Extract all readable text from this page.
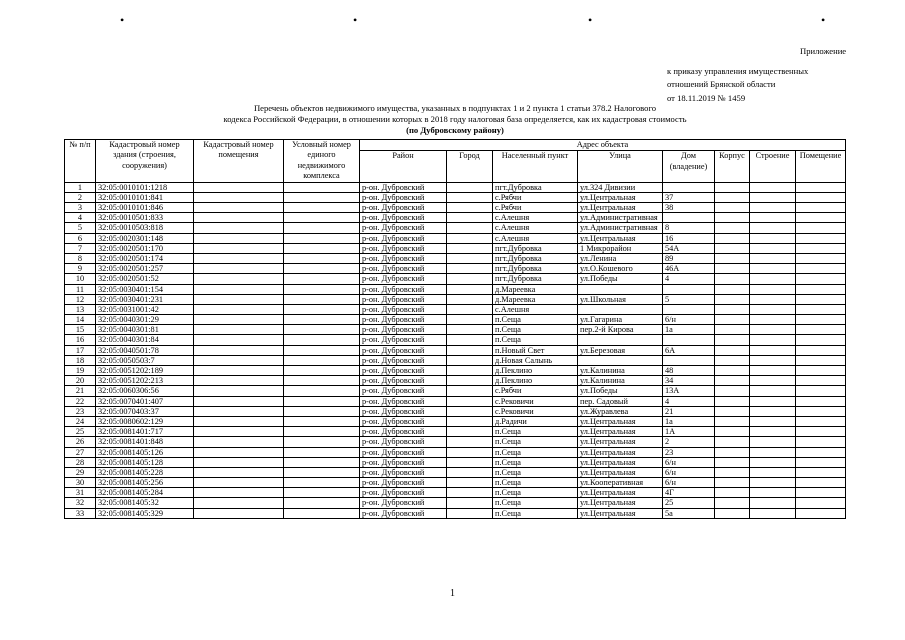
•	•	•	•
Приложение
к приказу управления имущественных
отношений Брянской области
от 18.11.2019 № 1459
Перечень объектов недвижимого имущества, указанных в подпунктах 1 и 2 пункта 1 статьи 378.2 Налогового
кодекса Российской Федерации, в отношении которых в 2018 году налоговая база определяется, как их кадастровая стоимость
(по Дубровскому району)
№ п/п	Кадастровый номер здания (строения, сооружения)	Кадастровый номер помещения	Условный номер единого недвижимого комплекса	Адрес объекта							
				Район	Город	Населенный пункт	Улица	Дом (владение)	Корпус	Строение	Помещение
1	32:05:0010101:1218			р-он. Дубровский		пгт.Дубровка	ул.324 Дивизии				
2	32:05:0010101:841			р-он. Дубровский		с.Рябчи	ул.Центральная	37			
3	32:05:0010101:846			р-он. Дубровский		с.Рябчи	ул.Центральная	38			
4	32:05:0010501:833			р-он. Дубровский		с.Алешня	ул.Административная				
5	32:05:0010503:818			р-он. Дубровский		с.Алешня	ул.Административная	8			
6	32:05:0020301:148			р-он. Дубровский		с.Алешня	ул.Центральная	16			
7	32:05:0020501:170			р-он. Дубровский		пгт.Дубровка	1 Микрорайон	54А			
8	32:05:0020501:174			р-он. Дубровский		пгт.Дубровка	ул.Ленина	89			
9	32:05:0020501:257			р-он. Дубровский		пгт.Дубровка	ул.О.Кошевого	46А			
10	32:05:0020501:52			р-он. Дубровский		пгт.Дубровка	ул.Победы	4			
11	32:05:0030401:154			р-он. Дубровский		д.Мареевка					
12	32:05:0030401:231			р-он. Дубровский		д.Мареевка	ул.Школьная	5			
13	32:05:0031001:42			р-он. Дубровский		с.Алешня					
14	32:05:0040301:29			р-он. Дубровский		п.Сеща	ул.Гагарина	6/н			
15	32:05:0040301:81			р-он. Дубровский		п.Сеща	пер.2-й Кирова	1а			
16	32:05:0040301:84			р-он. Дубровский		п.Сеща					
17	32:05:0040501:78			р-он. Дубровский		п.Новый Свет	ул.Березовая	6А			
18	32:05:0050503:7			р-он. Дубровский		д.Новая Салынь					
19	32:05:0051202:189			р-он. Дубровский		д.Пеклино	ул.Калинина	48			
20	32:05:0051202:213			р-он. Дубровский		д.Пеклино	ул.Калинина	34			
21	32:05:0060306:56			р-он. Дубровский		с.Рябчи	ул.Победы	13А			
22	32:05:0070401:407			р-он. Дубровский		с.Рековичи	пер. Садовый	4			
23	32:05:0070403:37			р-он. Дубровский		с.Рековичи	ул.Журавлева	21			
24	32:05:0080602:129			р-он. Дубровский		д.Радичи	ул.Центральная	1а			
25	32:05:0081401:717			р-он. Дубровский		п.Сеща	ул.Центральная	1А			
26	32:05:0081401:848			р-он. Дубровский		п.Сеща	ул.Центральная	2			
27	32:05:0081405:126			р-он. Дубровский		п.Сеща	ул.Центральная	23			
28	32:05:0081405:128			р-он. Дубровский		п.Сеща	ул.Центральная	6/н			
29	32:05:0081405:228			р-он. Дубровский		п.Сеща	ул.Центральная	6/н			
30	32:05:0081405:256			р-он. Дубровский		п.Сеща	ул.Кооперативная	6/н			
31	32:05:0081405:284			р-он. Дубровский		п.Сеща	ул.Центральная	4Г			
32	32:05:0081405:32			р-он. Дубровский		п.Сеща	ул.Центральная	25			
33	32:05:0081405:329			р-он. Дубровский		п.Сеща	ул.Центральная	5а			
1
